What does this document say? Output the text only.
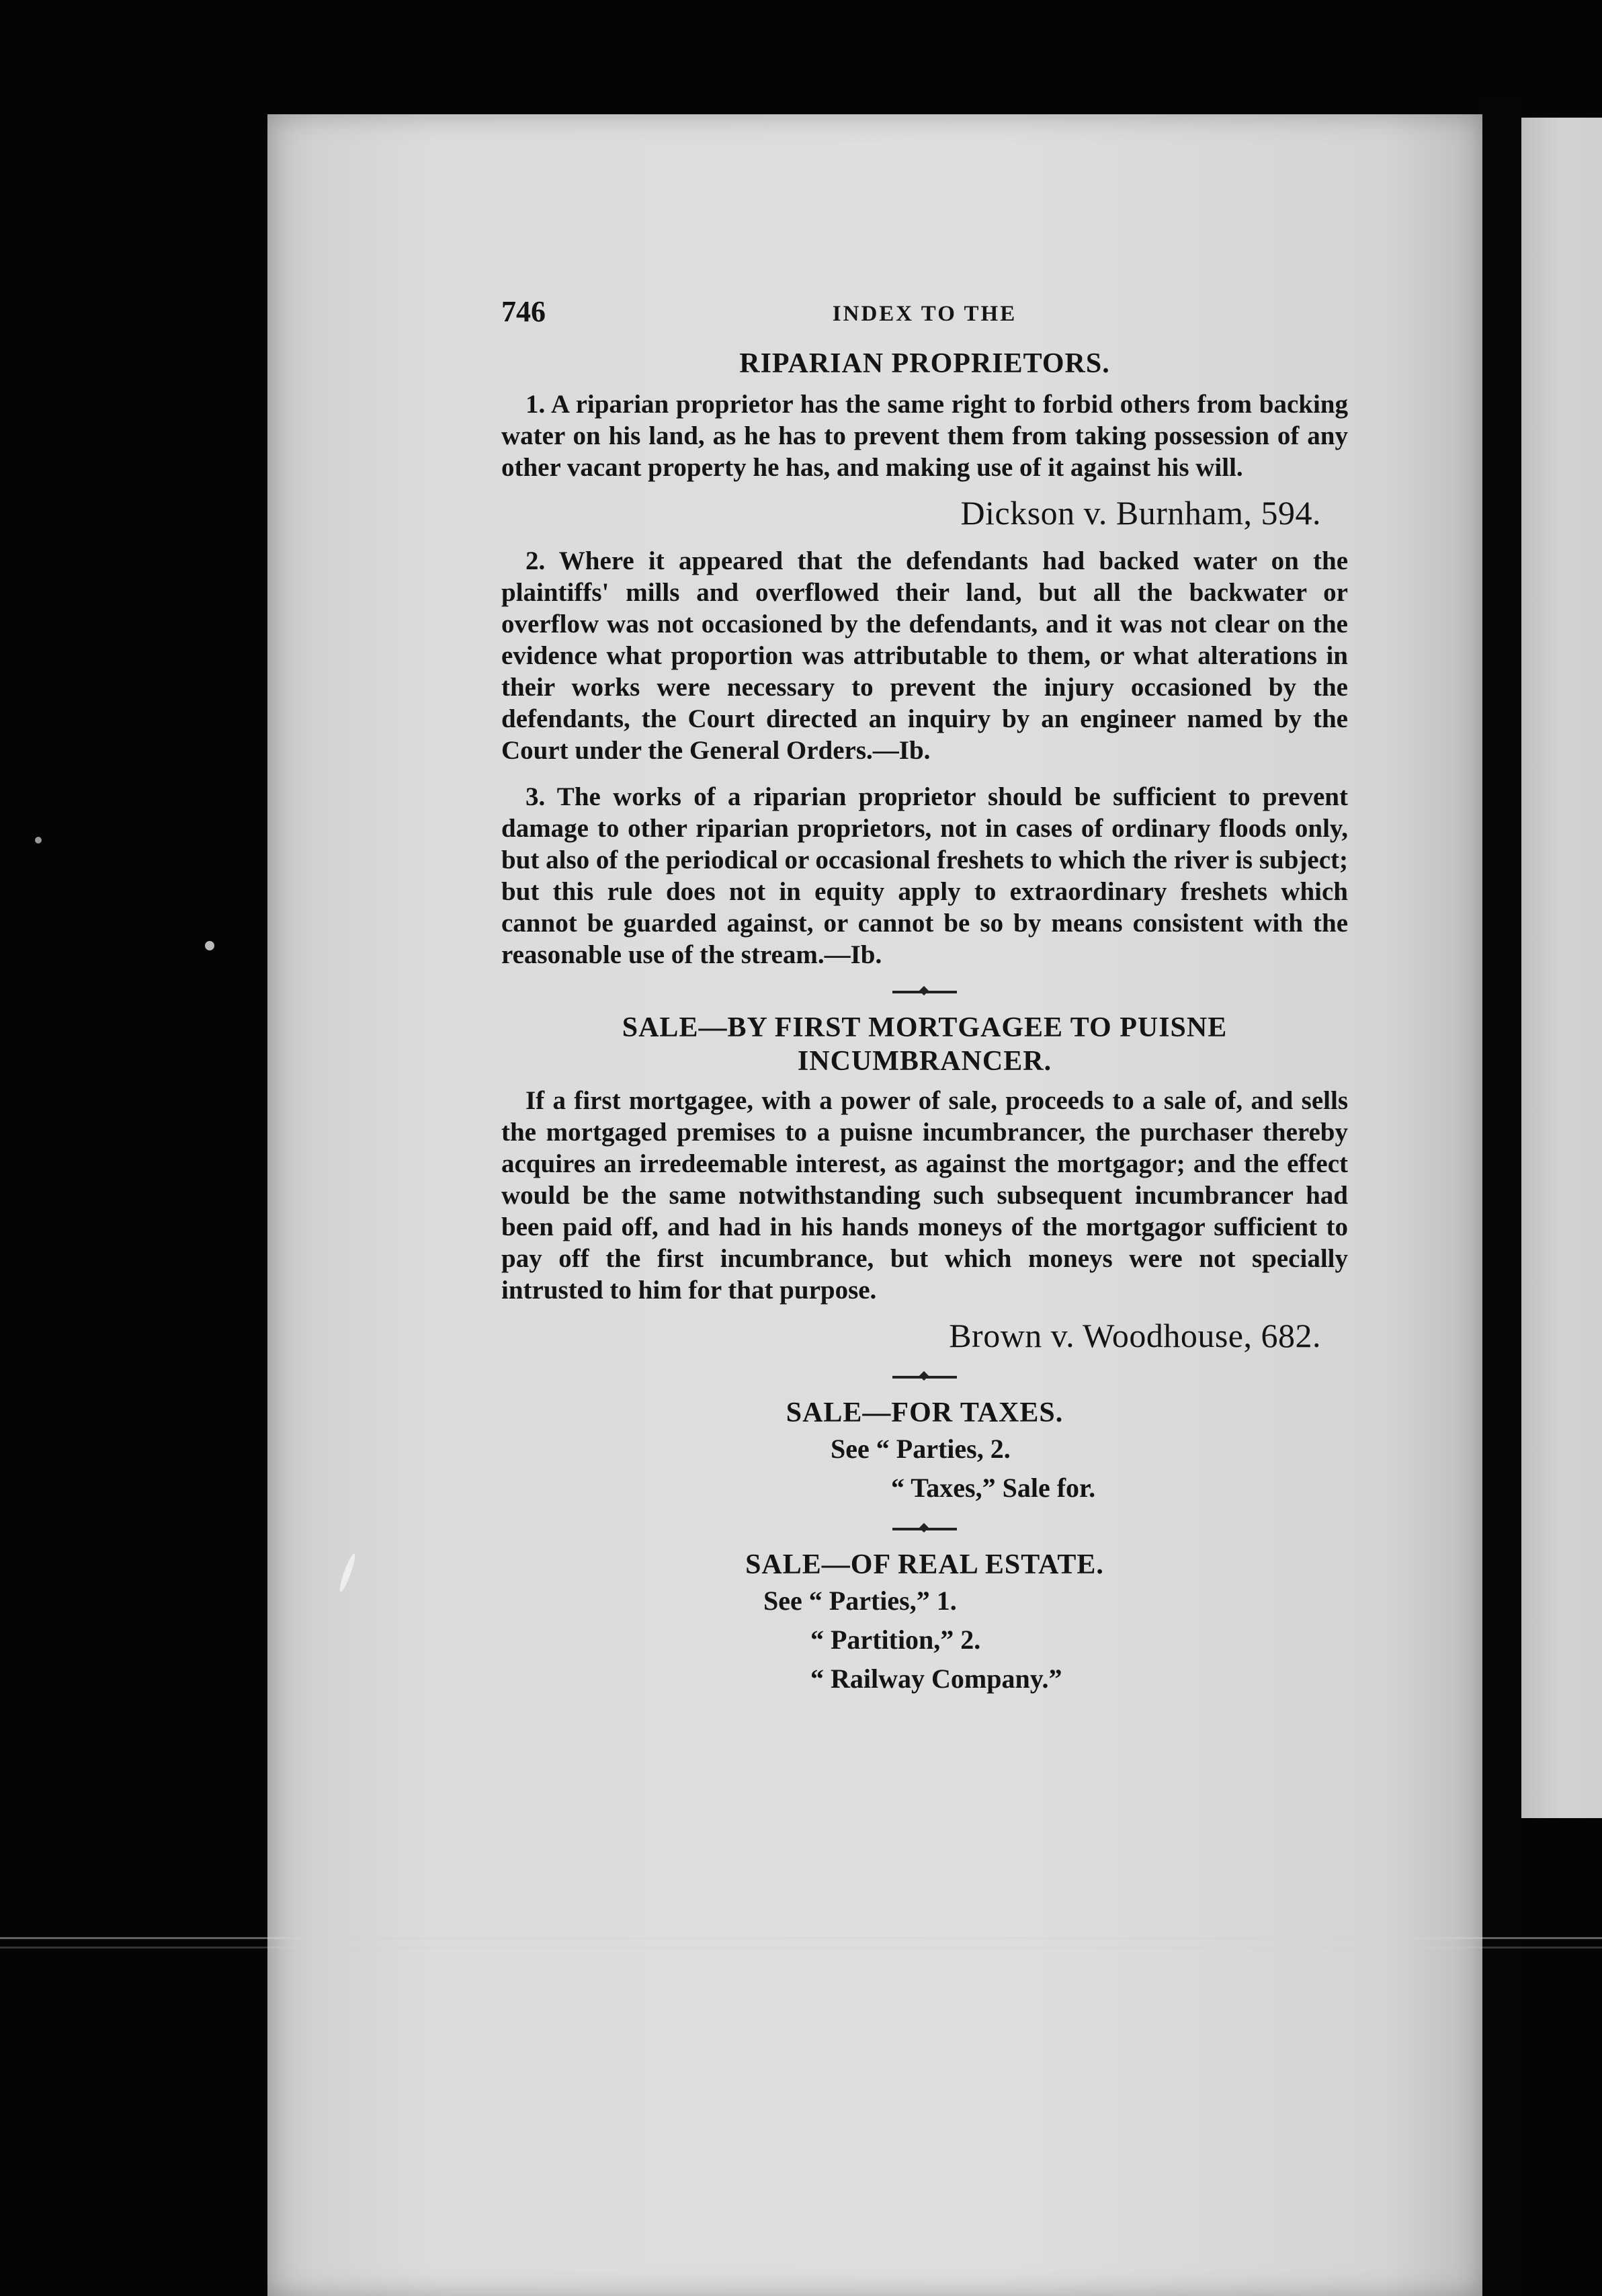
746	INDEX TO THE
RIPARIAN PROPRIETORS.

1. A riparian proprietor has the same right to forbid others from backing water on his land, as he has to prevent them from taking possession of any other vacant property he has, and making use of it against his will.

Dickson v. Burnham, 594.

2. Where it appeared that the defendants had backed water on the plaintiffs' mills and overflowed their land, but all the backwater or overflow was not occasioned by the defendants, and it was not clear on the evidence what proportion was attributable to them, or what alterations in their works were necessary to prevent the injury occasioned by the defendants, the Court directed an inquiry by an engineer named by the Court under the General Orders.—Ib.

3. The works of a riparian proprietor should be sufficient to prevent damage to other riparian proprietors, not in cases of ordinary floods only, but also of the periodical or occasional freshets to which the river is subject; but this rule does not in equity apply to extraordinary freshets which cannot be guarded against, or cannot be so by means consistent with the reasonable use of the stream.—Ib.

SALE—BY FIRST MORTGAGEE TO PUISNE
INCUMBRANCER.

If a first mortgagee, with a power of sale, proceeds to a sale of, and sells the mortgaged premises to a puisne incumbrancer, the purchaser thereby acquires an irredeemable interest, as against the mortgagor; and the effect would be the same notwithstanding such subsequent incumbrancer had been paid off, and had in his hands moneys of the mortgagor sufficient to pay off the first incumbrance, but which moneys were not specially intrusted to him for that purpose.

Brown v. Woodhouse, 682.
SALE—FOR TAXES.
See “ Parties, 2.
“ Taxes,” Sale for.
SALE—OF REAL ESTATE.
See “ Parties,” 1.
“ Partition,” 2.
“ Railway Company.”
